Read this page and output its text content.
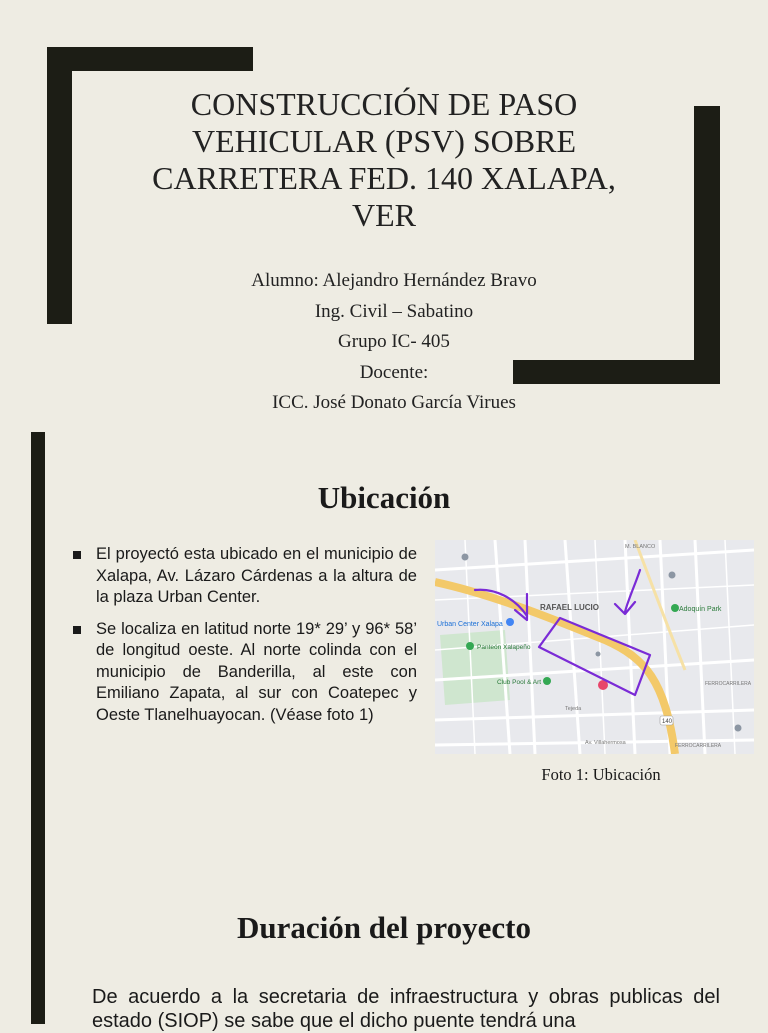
CONSTRUCCIÓN DE PASO
VEHICULAR (PSV) SOBRE
CARRETERA FED. 140 XALAPA,
VER
Alumno: Alejandro Hernández Bravo
Ing. Civil – Sabatino
Grupo IC- 405
Docente:
ICC. José Donato García Virues
Ubicación
El proyectó esta ubicado en el municipio de Xalapa, Av. Lázaro Cárdenas a la altura de la plaza Urban Center.
Se localiza en latitud norte 19* 29’ y 96* 58’ de longitud oeste. Al norte colinda con el municipio de Banderilla, al este con Emiliano Zapata, al sur con Coatepec y Oeste Tlanelhuayocan. (Véase foto 1)
RAFAEL LUCIO
Urban Center Xalapa
Panteón Xalapeño
Club Pool & Art
Adoquín Park
M. BLANCO
FERROCARRILERA
FERROCARRILERA
Tejeda
Av. Villahermosa
140
Foto 1: Ubicación
Duración del proyecto

De acuerdo a la secretaria de infraestructura y obras publicas del estado (SIOP) se sabe que el dicho puente tendrá una
